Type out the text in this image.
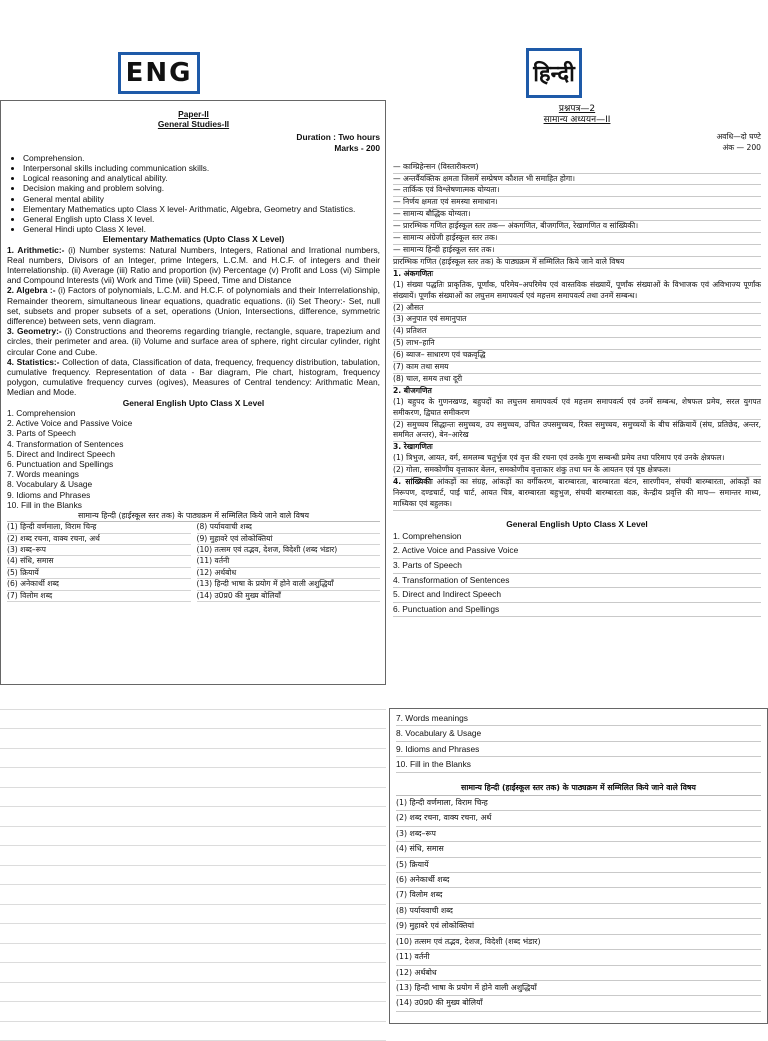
ENG	हिन्दी
Paper-II
General Studies-II
Duration : Two hours
Marks - 200
• Comprehension.
• Interpersonal skills including communication skills.
• Logical reasoning and analytical ability.
• Decision making and problem solving.
• General mental ability
• Elementary Mathematics upto Class X level- Arithmatic, Algebra, Geometry and Statistics.
• General English upto Class X level.
• General Hindi upto Class X level.
Elementary Mathematics (Upto Class X Level)
1. Arithmetic:- (i) Number systems: Natural Numbers, Integers, Rational and Irrational numbers, Real numbers, Divisors of an Integer, prime Integers, L.C.M. and H.C.F. of integers and their Interrelationship. (ii) Average (iii) Ratio and proportion (iv) Percentage (v) Profit and Loss (vi) Simple and Compound Interests (vii) Work and Time (viii) Speed, Time and Distance
2. Algebra :- (i) Factors of polynomials, L.C.M. and H.C.F. of polynomials and their Interrelationship, Remainder theorem, simultaneous linear equations, quadratic equations. (ii) Set Theory:- Set, null set, subsets and proper subsets of a set, operations (Union, Intersections, difference, symmetric difference) between sets, venn diagram.
3. Geometry:- (i) Constructions and theorems regarding triangle, rectangle, square, trapezium and circles, their perimeter and area. (ii) Volume and surface area of sphere, right circular cylinder, right circular Cone and Cube.
4. Statistics:- Collection of data, Classification of data, frequency, frequency distribution, tabulation, cumulative frequency. Representation of data - Bar diagram, Pie chart, histogram, frequency polygon, cumulative frequency curves (ogives), Measures of Central tendency: Arithmatic Mean, Median and Mode.
General English Upto Class X Level
1. Comprehension
2. Active Voice and Passive Voice
3. Parts of Speech
4. Transformation of Sentences
5. Direct and Indirect Speech
6. Punctuation and Spellings
7. Words meanings
8. Vocabulary & Usage
9. Idioms and Phrases
10. Fill in the Blanks
सामान्य हिन्दी (हाईस्कूल स्तर तक) के पाठ्यक्रम में सम्मिलित किये जाने वाले विषय
(1) हिन्दी वर्णमाला, विराम चिन्ह
(2) शब्द रचना, वाक्य रचना, अर्थ
(3) शब्द–रूप
(4) संधि, समास
(5) क्रियायें
(6) अनेकार्थी शब्द
(7) विलोम शब्द
(8) पर्यायवाची शब्द
(9) मुहावरे एवं लोकोक्तियां
(10) तत्सम एवं तद्भव, देशज, विदेशी (शब्द भंडार)
(11) वर्तनी
(12) अर्थबोध
(13) हिन्दी भाषा के प्रयोग में होने वाली अशुद्धियॉं
(14) उ0प्र0 की मुख्य बोलियॉं
प्रश्नपत्र—2
सामान्य अध्ययन—II
अवधि—दो घण्टे
अंक — 200
— काम्प्रिहेन्सन (विस्तारीकरण)
— अन्तर्वैयक्तिक क्षमता जिसमें सम्प्रेषण कौशल भी समाहित होगा।
— तार्किक एवं विश्लेषणात्मक योग्यता।
— निर्णय क्षमता एवं समस्या समाधान।
— सामान्य बौद्धिक योग्यता।
— प्रारम्भिक गणित हाईस्कूल स्तर तक— अंकगणित, बीजगणित, रेखागणित व सांख्यिकी।
— सामान्य अंग्रेजी हाईस्कूल स्तर तक।
— सामान्य हिन्दी हाईस्कूल स्तर तक।
प्रारम्भिक गणित (हाईस्कूल स्तर तक) के पाठ्यक्रम में सम्मिलित किये जाने वाले विषय
1. अंकगणितः
(1) संख्या पद्धतिः प्राकृतिक, पूर्णांक, परिमेय–अपरिमेय एवं वास्तविक संख्यायें, पूर्णांक संख्याओं के विभाजक एवं अविभाज्य पूर्णांक संख्यायें। पूर्णांक संख्याओं का लघुत्तम समापवर्त्य एवं महत्तम समापवर्त्य तथा उनमें सम्बन्ध।
(2) औसत
(3) अनुपात एवं समानुपात
(4) प्रतिशत
(5) लाभ–हानि
(6) ब्याज– साधारण एवं चक्रवृद्धि
(7) काम तथा समय
(8) चाल, समय तथा दूरी
2. बीजगणित
(1) बहुपद के गुणनखण्ड, बहुपदों का लघुत्तम समापवर्त्य एवं महत्तम समापवर्त्य एवं उनमें सम्बन्ध, शेषफल प्रमेय, सरल युगपत समीकरण, द्विघात समीकरण
(2) समुच्चय सिद्धान्तः समुच्चय, उप समुच्चय, उचित उपसमुच्चय, रिक्त समुच्चय, समुच्चयों के बीच संक्रियायें (संघ, प्रतिछेद, अन्तर, सममित अन्तर), बेन–आरेख
3. रेखागणितः
(1) त्रिभुज, आयत, वर्ग, समलम्ब चतुर्भुज एवं वृत्त की रचना एवं उनके गुण सम्बन्धी प्रमेय तथा परिमाप एवं उनके क्षेत्रफल।
(2) गोला, समकोणीय वृत्ताकार बेलन, समकोणीय वृत्ताकार शंकु तथा घन के आयतन एवं पृष्ठ क्षेत्रफल।
4. सांख्यिकीः आंकड़ों का संग्रह, आंकड़ों का वर्गीकरण, बारम्बारता, बारम्बारता बंटन, सारणीयन, संचयी बारम्बारता, आंकड़ों का निरूपण, दण्डचार्ट, पाई चार्ट, आयत चित्र, बारम्बारता बहुभुज, संचयी बारम्बारता वक्र, केन्द्रीय प्रवृत्ति की माप— समान्तर माध्य, माध्यिका एवं बहुलक।
General English Upto Class X Level
1. Comprehension
2. Active Voice and Passive Voice
3. Parts of Speech
4. Transformation of Sentences
5. Direct and Indirect Speech
6. Punctuation and Spellings
7. Words meanings
8. Vocabulary & Usage
9. Idioms and Phrases
10. Fill in the Blanks
सामान्य हिन्दी (हाईस्कूल स्तर तक) के पाठ्यक्रम में सम्मिलित किये जाने वाले विषय
(1) हिन्दी वर्णमाला, विराम चिन्ह
(2) शब्द रचना, वाक्य रचना, अर्थ
(3) शब्द–रूप
(4) संधि, समास
(5) क्रियायें
(6) अनेकार्थी शब्द
(7) विलोम शब्द
(8) पर्यायवाची शब्द
(9) मुहावरे एवं लोकोक्तियां
(10) तत्सम एवं तद्भव, देशज, विदेशी (शब्द भंडार)
(11) वर्तनी
(12) अर्थबोध
(13) हिन्दी भाषा के प्रयोग में होने वाली अशुद्धियॉं
(14) उ0प्र0 की मुख्य बोलियॉं
